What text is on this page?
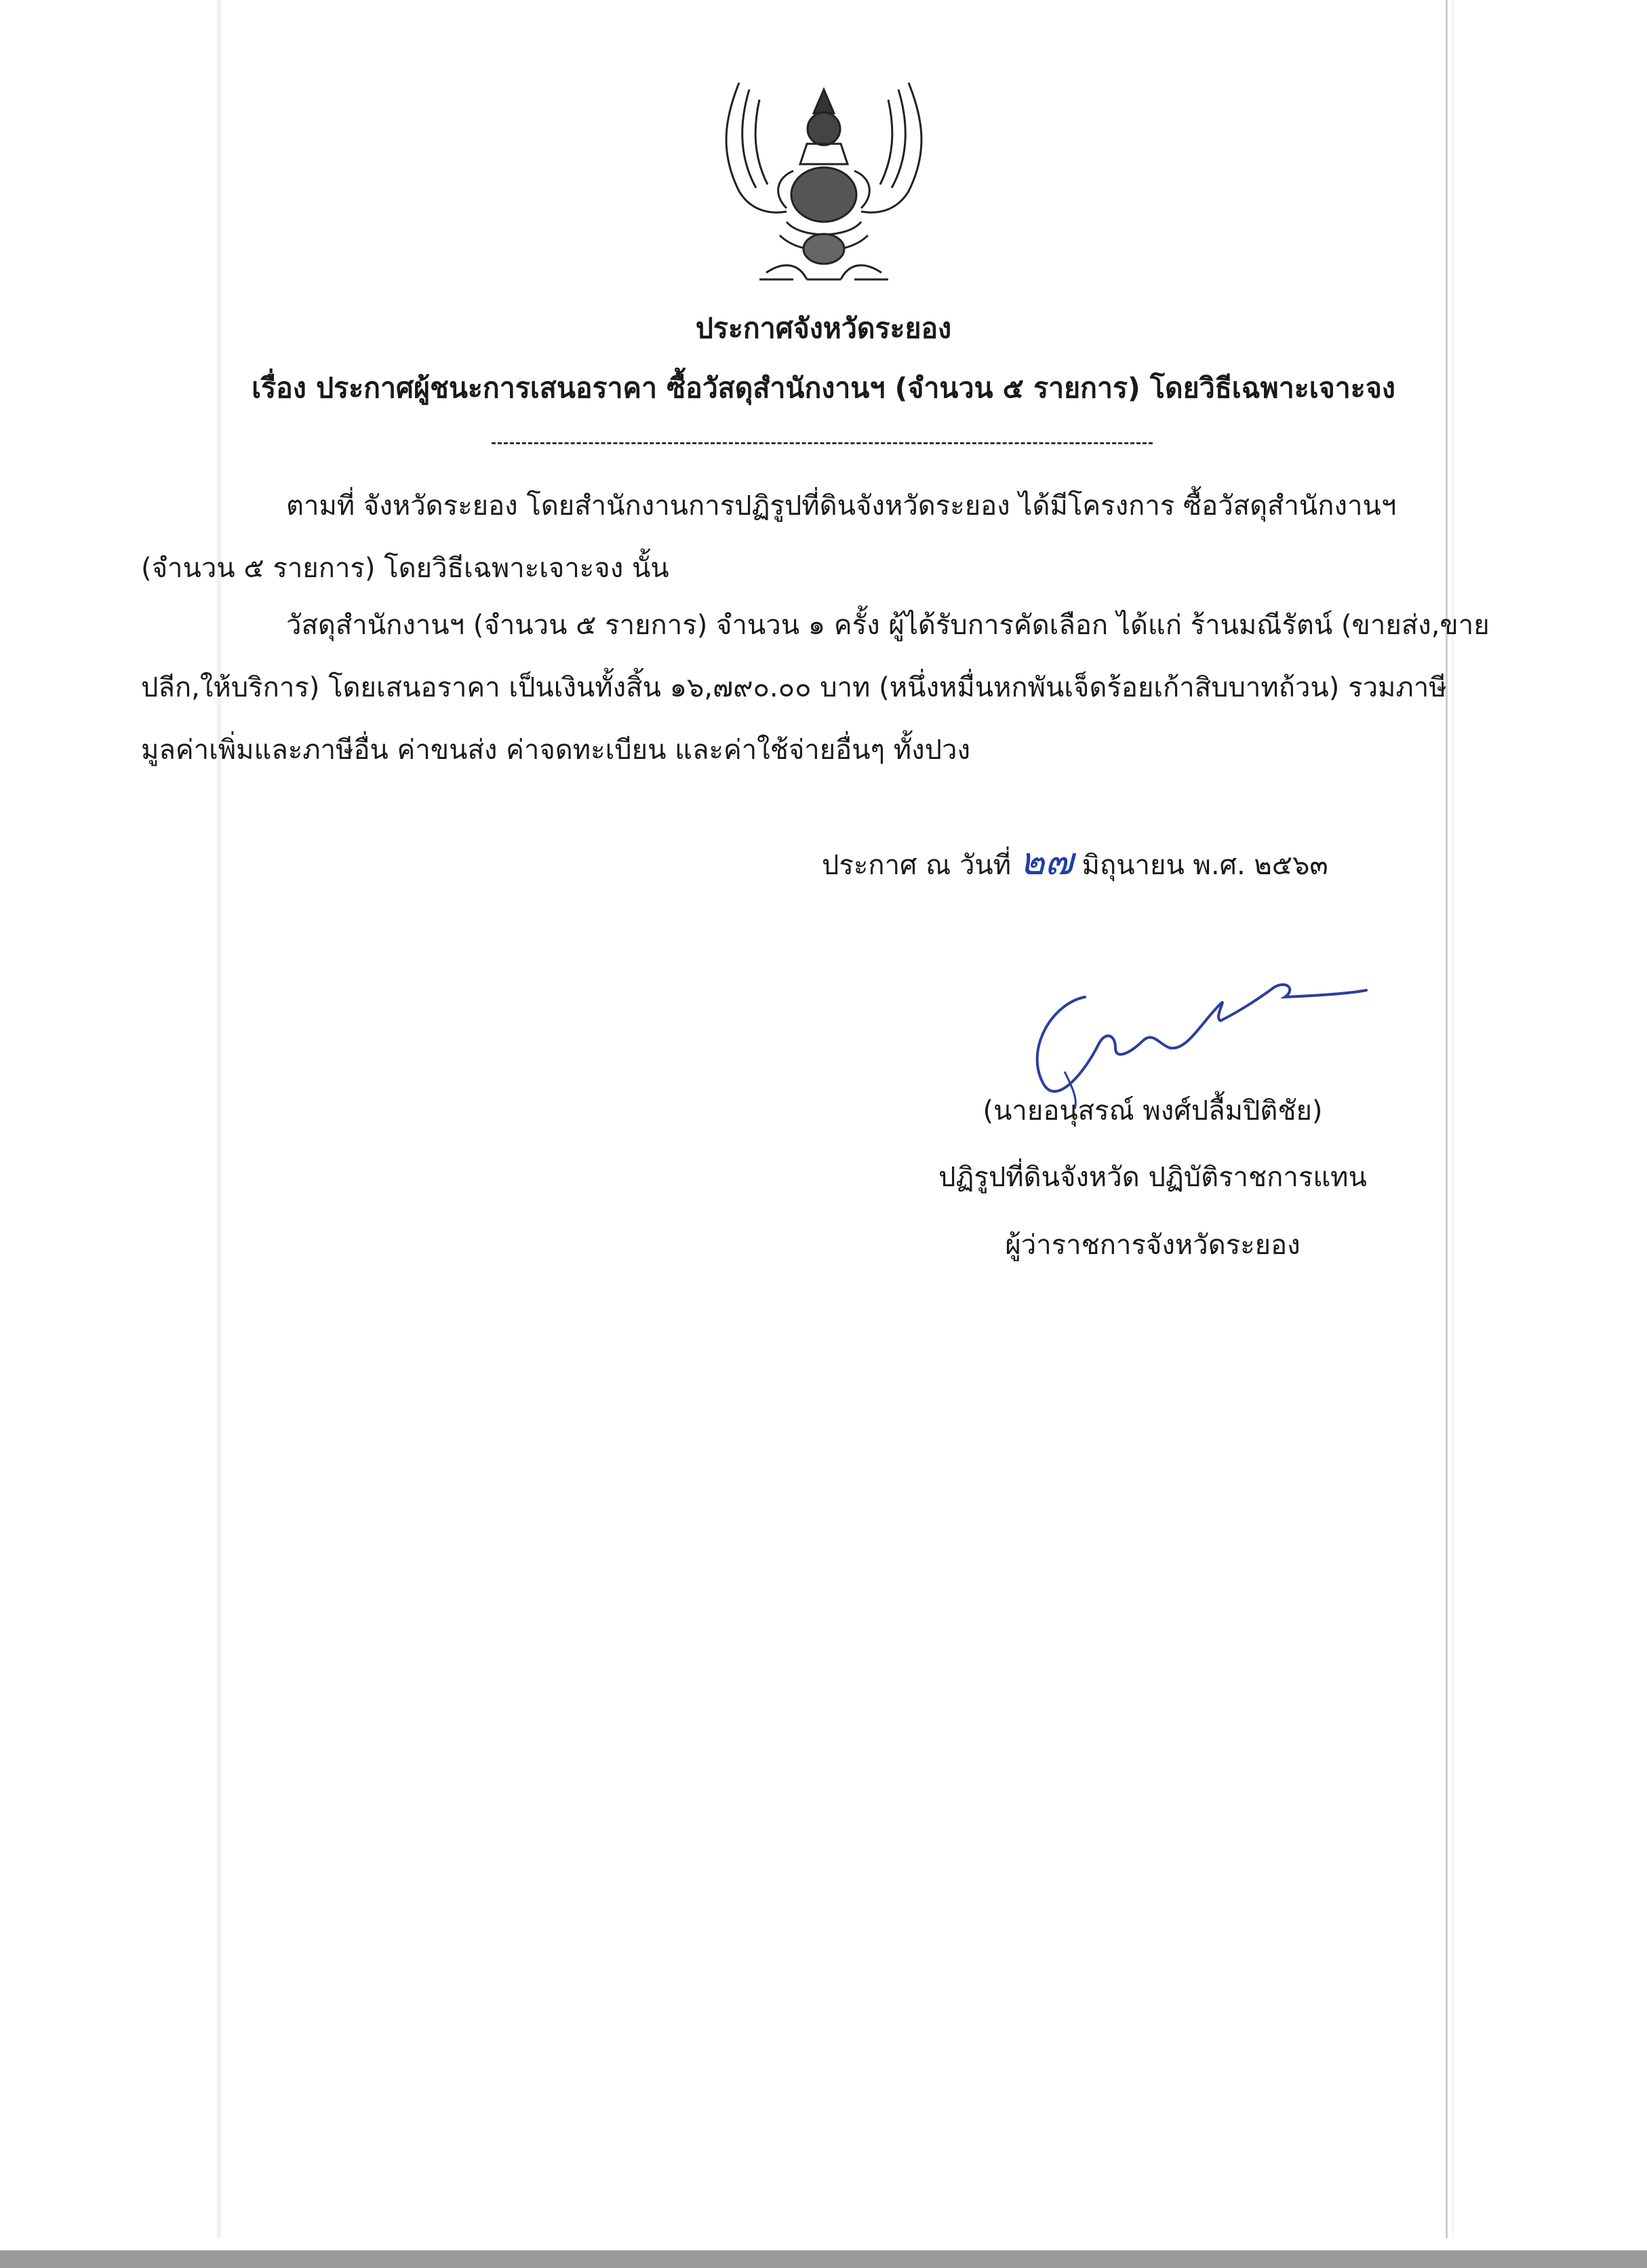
ประกาศจังหวัดระยอง
เรื่อง ประกาศผู้ชนะการเสนอราคา ซื้อวัสดุสำนักงานฯ (จำนวน ๕ รายการ) โดยวิธีเฉพาะเจาะจง
ตามที่ จังหวัดระยอง โดยสำนักงานการปฏิรูปที่ดินจังหวัดระยอง ได้มีโครงการ ซื้อวัสดุสำนักงานฯ (จำนวน ๕ รายการ) โดยวิธีเฉพาะเจาะจง นั้น
วัสดุสำนักงานฯ (จำนวน ๕ รายการ) จำนวน ๑ ครั้ง ผู้ได้รับการคัดเลือก ได้แก่ ร้านมณีรัตน์ (ขายส่ง,ขายปลีก,ให้บริการ) โดยเสนอราคา เป็นเงินทั้งสิ้น ๑๖,๗๙๐.๐๐ บาท (หนึ่งหมื่นหกพันเจ็ดร้อยเก้าสิบบาทถ้วน) รวมภาษีมูลค่าเพิ่มและภาษีอื่น ค่าขนส่ง ค่าจดทะเบียน และค่าใช้จ่ายอื่นๆ ทั้งปวง
ประกาศ ณ วันที่ ๒๗ มิถุนายน พ.ศ. ๒๕๖๓
(นายอนุสรณ์ พงศ์ปลื้มปิติชัย)
ปฏิรูปที่ดินจังหวัด ปฏิบัติราชการแทน
ผู้ว่าราชการจังหวัดระยอง
